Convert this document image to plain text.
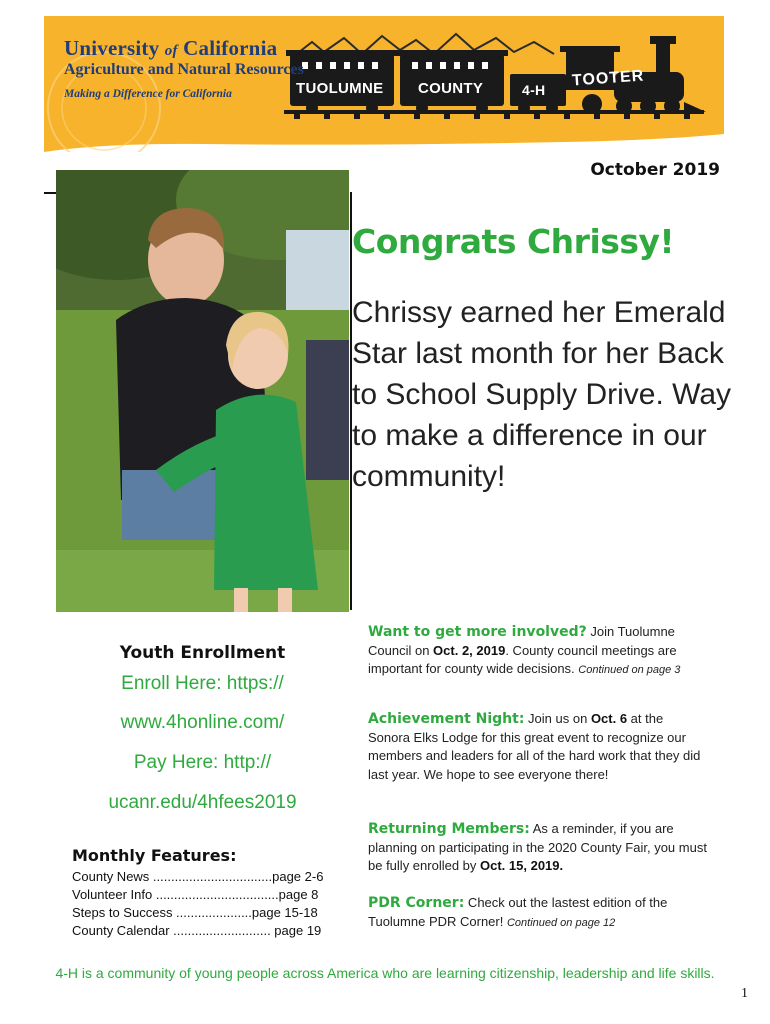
University of California
Agriculture and Natural Resources
Making a Difference for California	TUOLUMNE COUNTY	4-H
TOOTER
October 2019
Congrats Chrissy!
Chrissy earned her Emerald Star last month for her Back to School Supply Drive. Way to make a difference in our community!
Youth Enrollment
Enroll Here: https://
www.4honline.com/
Pay Here: http://
ucanr.edu/4hfees2019
Monthly Features:
County News .................................page 2-6
Volunteer Info ..................................page 8
Steps to Success .....................page 15-18
County Calendar ........................... page 19
Want to get more involved? Join Tuolumne Council on Oct. 2, 2019. County council meetings are important for county wide decisions. Continued on page 3
Achievement Night: Join us on Oct. 6 at the Sonora Elks Lodge for this great event to recognize our members and leaders for all of the hard work that they did last year. We hope to see everyone there!
Returning Members: As a reminder, if you are planning on participating in the 2020 County Fair, you must be fully enrolled by Oct. 15, 2019.
PDR Corner: Check out the lastest edition of the Tuolumne PDR Corner! Continued on page 12
4-H is a community of young people across America who are learning citizenship, leadership and life skills.
1
